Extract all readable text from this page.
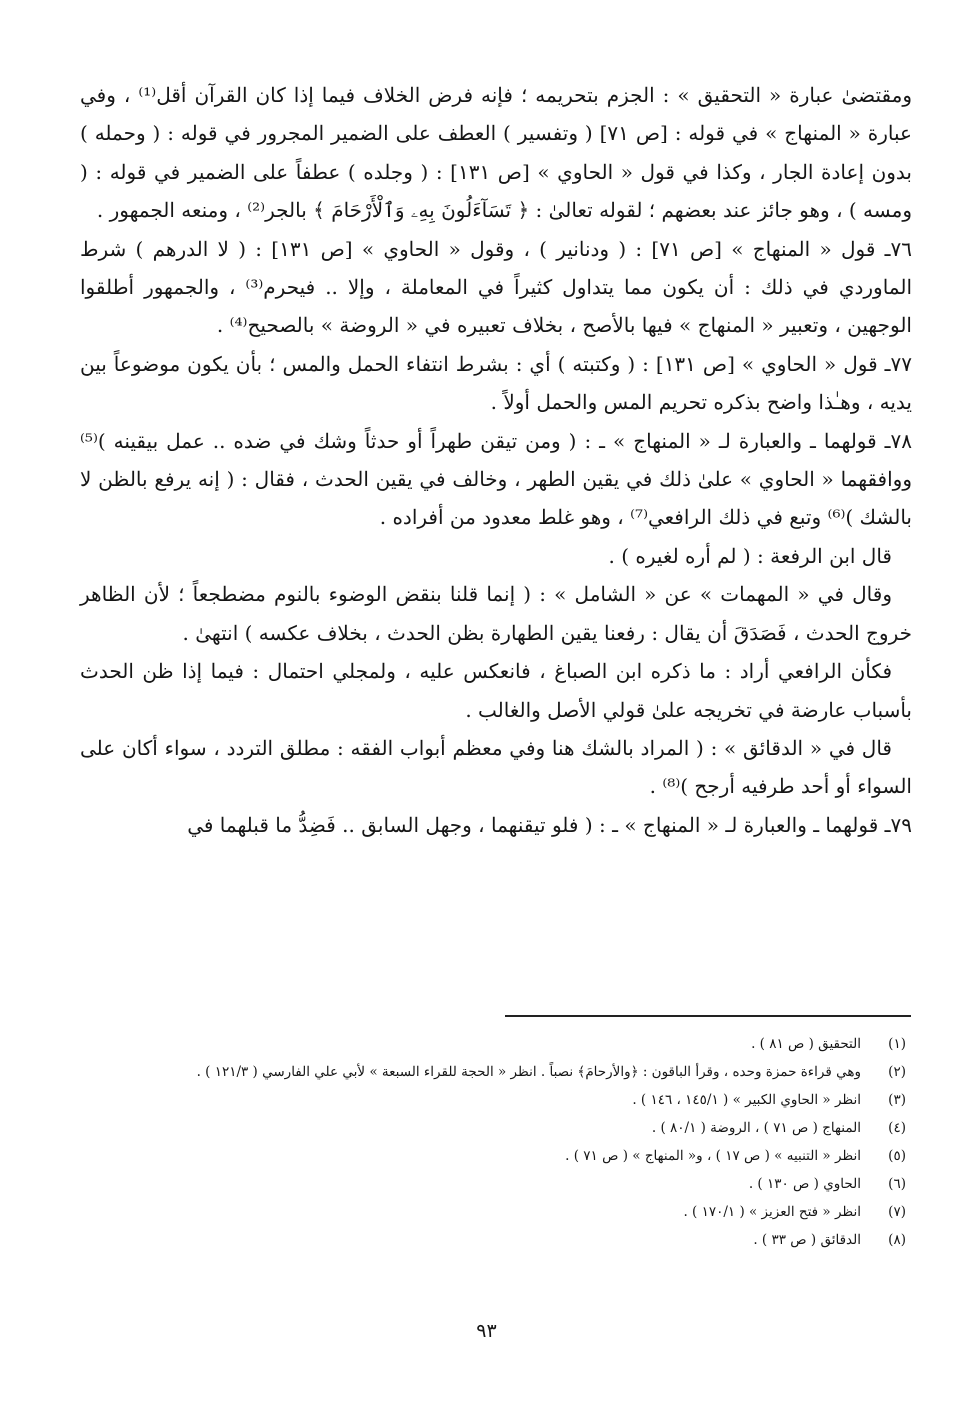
ومقتضىٰ عبارة « التحقيق » : الجزم بتحريمه ؛ فإنه فرض الخلاف فيما إذا كان القرآن أقل⁽¹⁾ ، وفي عبارة « المنهاج » في قوله : [ص ٧١] ( وتفسير ) العطف على الضمير المجرور في قوله : ( وحمله ) بدون إعادة الجار ، وكذا في قول « الحاوي » [ص ١٣١] : ( وجلده ) عطفاً على الضمير في قوله : ( ومسه ) ، وهو جائز عند بعضهم ؛ لقوله تعالىٰ : ﴿ تَسَآءَلُونَ بِهِۦ وَٱلْأَرْحَامَ ﴾ بالجر⁽²⁾ ، ومنعه الجمهور .

٧٦ـ قول « المنهاج » [ص ٧١] : ( ودنانير ) ، وقول « الحاوي » [ص ١٣١] : ( لا الدرهم ) شرط الماوردي في ذلك : أن يكون مما يتداول كثيراً في المعاملة ، وإلا .. فيحرم⁽³⁾ ، والجمهور أطلقوا الوجهين ، وتعبير « المنهاج » فيها بالأصح ، بخلاف تعبيره في « الروضة » بالصحيح⁽⁴⁾ .

٧٧ـ قول « الحاوي » [ص ١٣١] : ( وكتبته ) أي : بشرط انتفاء الحمل والمس ؛ بأن يكون موضوعاً بين يديه ، وهـٰذا واضح بذكره تحريم المس والحمل أولاً .

٧٨ـ قولهما ـ والعبارة لـ « المنهاج » ـ : ( ومن تيقن طهراً أو حدثاً وشك في ضده .. عمل بيقينه )⁽⁵⁾ ووافقهما « الحاوي » علىٰ ذلك في يقين الطهر ، وخالف في يقين الحدث ، فقال : ( إنه يرفع بالظن لا بالشك )⁽⁶⁾ وتبع في ذلك الرافعي⁽⁷⁾ ، وهو غلط معدود من أفراده .

قال ابن الرفعة : ( لم أره لغيره ) .

وقال في « المهمات » عن « الشامل » : ( إنما قلنا بنقض الوضوء بالنوم مضطجعاً ؛ لأن الظاهر خروج الحدث ، فَصَدَقَ أن يقال : رفعنا يقين الطهارة بظن الحدث ، بخلاف عكسه ) انتهىٰ .

فكأن الرافعي أراد : ما ذكره ابن الصباغ ، فانعكس عليه ، ولمجلي احتمال : فيما إذا ظن الحدث بأسباب عارضة في تخريجه علىٰ قولي الأصل والغالب .

قال في « الدقائق » : ( المراد بالشك هنا وفي معظم أبواب الفقه : مطلق التردد ، سواء أكان على السواء أو أحد طرفيه أرجح )⁽⁸⁾ .

٧٩ـ قولهما ـ والعبارة لـ « المنهاج » ـ : ( فلو تيقنهما ، وجهل السابق .. فَضِدُّ ما قبلهما في

(١)
التحقيق ( ص ٨١ ) .
(٢)
وهي قراءة حمزة وحده ، وقرأ الباقون : ﴿والأرحامَ﴾ نصباً . انظر « الحجة للقراء السبعة » لأبي علي الفارسي ( ١٢١/٣ ) .
(٣)
انظر « الحاوي الكبير » ( ١٤٥/١ ، ١٤٦ ) .
(٤)
المنهاج ( ص ٧١ ) ، الروضة ( ٨٠/١ ) .
(٥)
انظر « التنبيه » ( ص ١٧ ) ، و« المنهاج » ( ص ٧١ ) .
(٦)
الحاوي ( ص ١٣٠ ) .
(٧)
انظر « فتح العزيز » ( ١٧٠/١ ) .
(٨)
الدقائق ( ص ٣٣ ) .
٩٣
